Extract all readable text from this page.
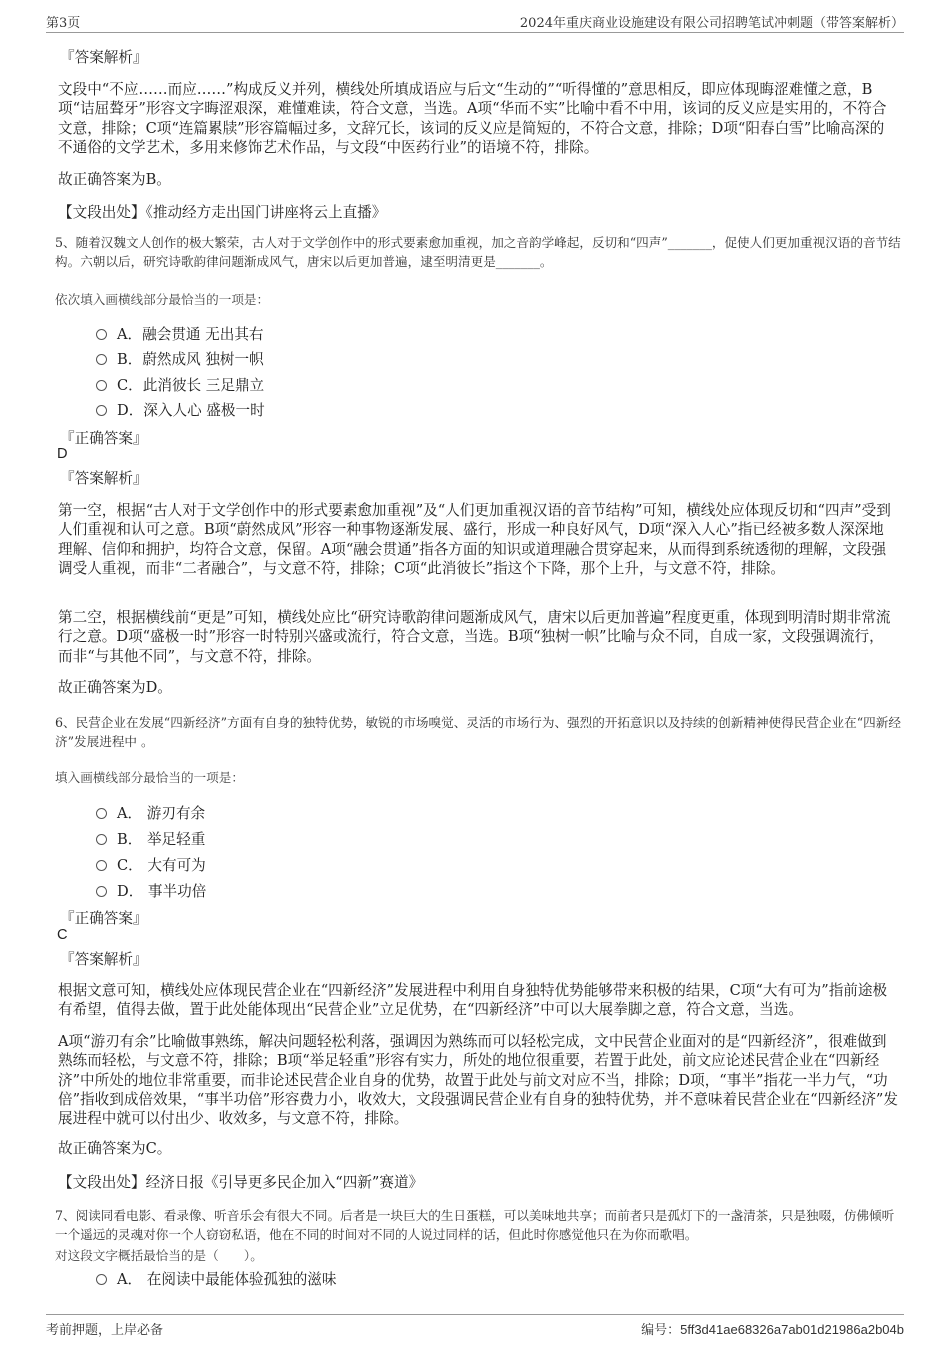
第3页	2024年重庆商业设施建设有限公司招聘笔试冲刺题（带答案解析）
『答案解析』

文段中“不应……而应……”构成反义并列，横线处所填成语应与后文“生动的”“听得懂的”意思相反，即应体现晦涩难懂之意，B项“诘屈聱牙”形容文字晦涩艰深，难懂难读，符合文意，当选。A项“华而不实”比喻中看不中用，该词的反义应是实用的，不符合文意，排除；C项“连篇累牍”形容篇幅过多，文辞冗长，该词的反义应是简短的，不符合文意，排除；D项“阳春白雪”比喻高深的不通俗的文学艺术，多用来修饰艺术作品，与文段“中医药行业”的语境不符，排除。

故正确答案为B。
【文段出处】《推动经方走出国门讲座将云上直播》

5、随着汉魏文人创作的极大繁荣，古人对于文学创作中的形式要素愈加重视，加之音韵学峰起，反切和“四声”_______，促使人们更加重视汉语的音节结构。六朝以后，研究诗歌韵律问题渐成风气，唐宋以后更加普遍，逮至明清更是_______。

依次填入画横线部分最恰当的一项是：
A．融会贯通 无出其右
B．蔚然成风 独树一帜
C．此消彼长 三足鼎立
D．深入人心 盛极一时
『正确答案』
D
『答案解析』

第一空，根据“古人对于文学创作中的形式要素愈加重视”及“人们更加重视汉语的音节结构”可知，横线处应体现反切和“四声”受到人们重视和认可之意。B项“蔚然成风”形容一种事物逐渐发展、盛行，形成一种良好风气，D项“深入人心”指已经被多数人深深地理解、信仰和拥护，均符合文意，保留。A项“融会贯通”指各方面的知识或道理融合贯穿起来，从而得到系统透彻的理解，文段强调受人重视，而非“二者融合”，与文意不符，排除；C项“此消彼长”指这个下降，那个上升，与文意不符，排除。

第二空，根据横线前“更是”可知，横线处应比“研究诗歌韵律问题渐成风气，唐宋以后更加普遍”程度更重，体现到明清时期非常流行之意。D项“盛极一时”形容一时特别兴盛或流行，符合文意，当选。B项“独树一帜”比喻与众不同，自成一家，文段强调流行，而非“与其他不同”，与文意不符，排除。

故正确答案为D。

6、民营企业在发展“四新经济”方面有自身的独特优势，敏锐的市场嗅觉、灵活的市场行为、强烈的开拓意识以及持续的创新精神使得民营企业在“四新经济”发展进程中 。

填入画横线部分最恰当的一项是：
A． 游刃有余
B． 举足轻重
C． 大有可为
D． 事半功倍
『正确答案』
C
『答案解析』

根据文意可知，横线处应体现民营企业在“四新经济”发展进程中利用自身独特优势能够带来积极的结果，C项“大有可为”指前途极有希望，值得去做，置于此处能体现出“民营企业”立足优势，在“四新经济”中可以大展拳脚之意，符合文意，当选。

A项“游刃有余”比喻做事熟练，解决问题轻松利落，强调因为熟练而可以轻松完成，文中民营企业面对的是“四新经济”，很难做到熟练而轻松，与文意不符，排除；B项“举足轻重”形容有实力，所处的地位很重要，若置于此处，前文应论述民营企业在“四新经济”中所处的地位非常重要，而非论述民营企业自身的优势，故置于此处与前文对应不当，排除；D项，“事半”指花一半力气，“功倍”指收到成倍效果，“事半功倍”形容费力小，收效大，文段强调民营企业有自身的独特优势，并不意味着民营企业在“四新经济”发展进程中就可以付出少、收效多，与文意不符，排除。

故正确答案为C。
【文段出处】经济日报《引导更多民企加入“四新”赛道》

7、阅读同看电影、看录像、听音乐会有很大不同。后者是一块巨大的生日蛋糕，可以美味地共享；而前者只是孤灯下的一盏清茶，只是独啜，仿佛倾听一个遥远的灵魂对你一个人窃窃私语，他在不同的时间对不同的人说过同样的话，但此时你感觉他只在为你而歌唱。

对这段文字概括最恰当的是（　　）。
A． 在阅读中最能体验孤独的滋味
考前押题，上岸必备	编号：5ff3d41ae68326a7ab01d21986a2b04b
